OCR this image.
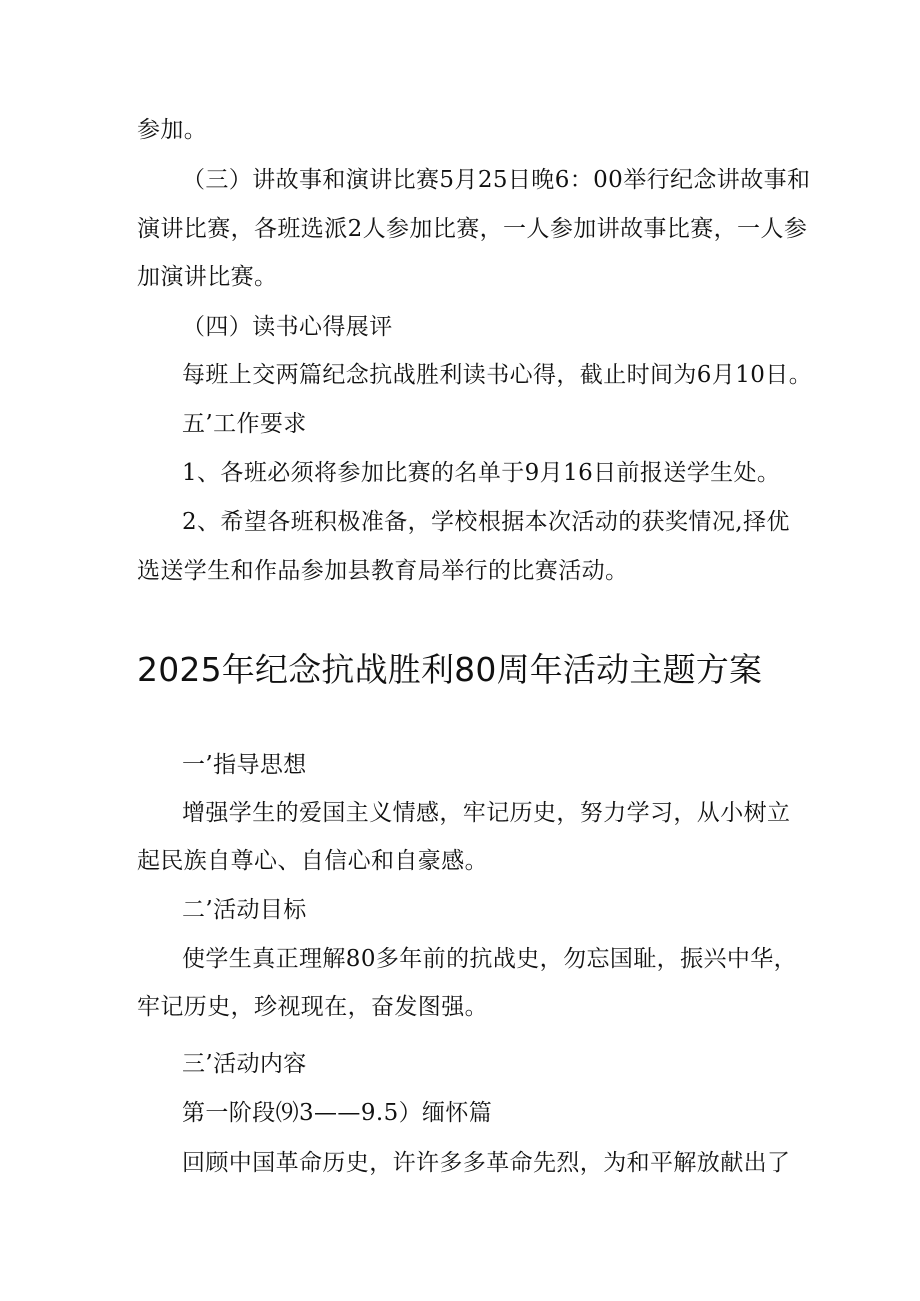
参加。
（三）讲故事和演讲比赛5月25日晚6：00举行纪念讲故事和
演讲比赛，各班选派2人参加比赛，一人参加讲故事比赛，一人参
加演讲比赛。
（四）读书心得展评
每班上交两篇纪念抗战胜利读书心得，截止时间为6月10日。
五’工作要求
1、各班必须将参加比赛的名单于9月16日前报送学生处。
2、希望各班积极准备，学校根据本次活动的获奖情况,择优
选送学生和作品参加县教育局举行的比赛活动。
2025年纪念抗战胜利80周年活动主题方案
一’指导思想
增强学生的爱国主义情感，牢记历史，努力学习，从小树立
起民族自尊心、自信心和自豪感。
二’活动目标
使学生真正理解80多年前的抗战史，勿忘国耻，振兴中华，
牢记历史，珍视现在，奋发图强。
三’活动内容
第一阶段⑼3——9.5）缅怀篇
回顾中国革命历史，许许多多革命先烈，为和平解放献出了
